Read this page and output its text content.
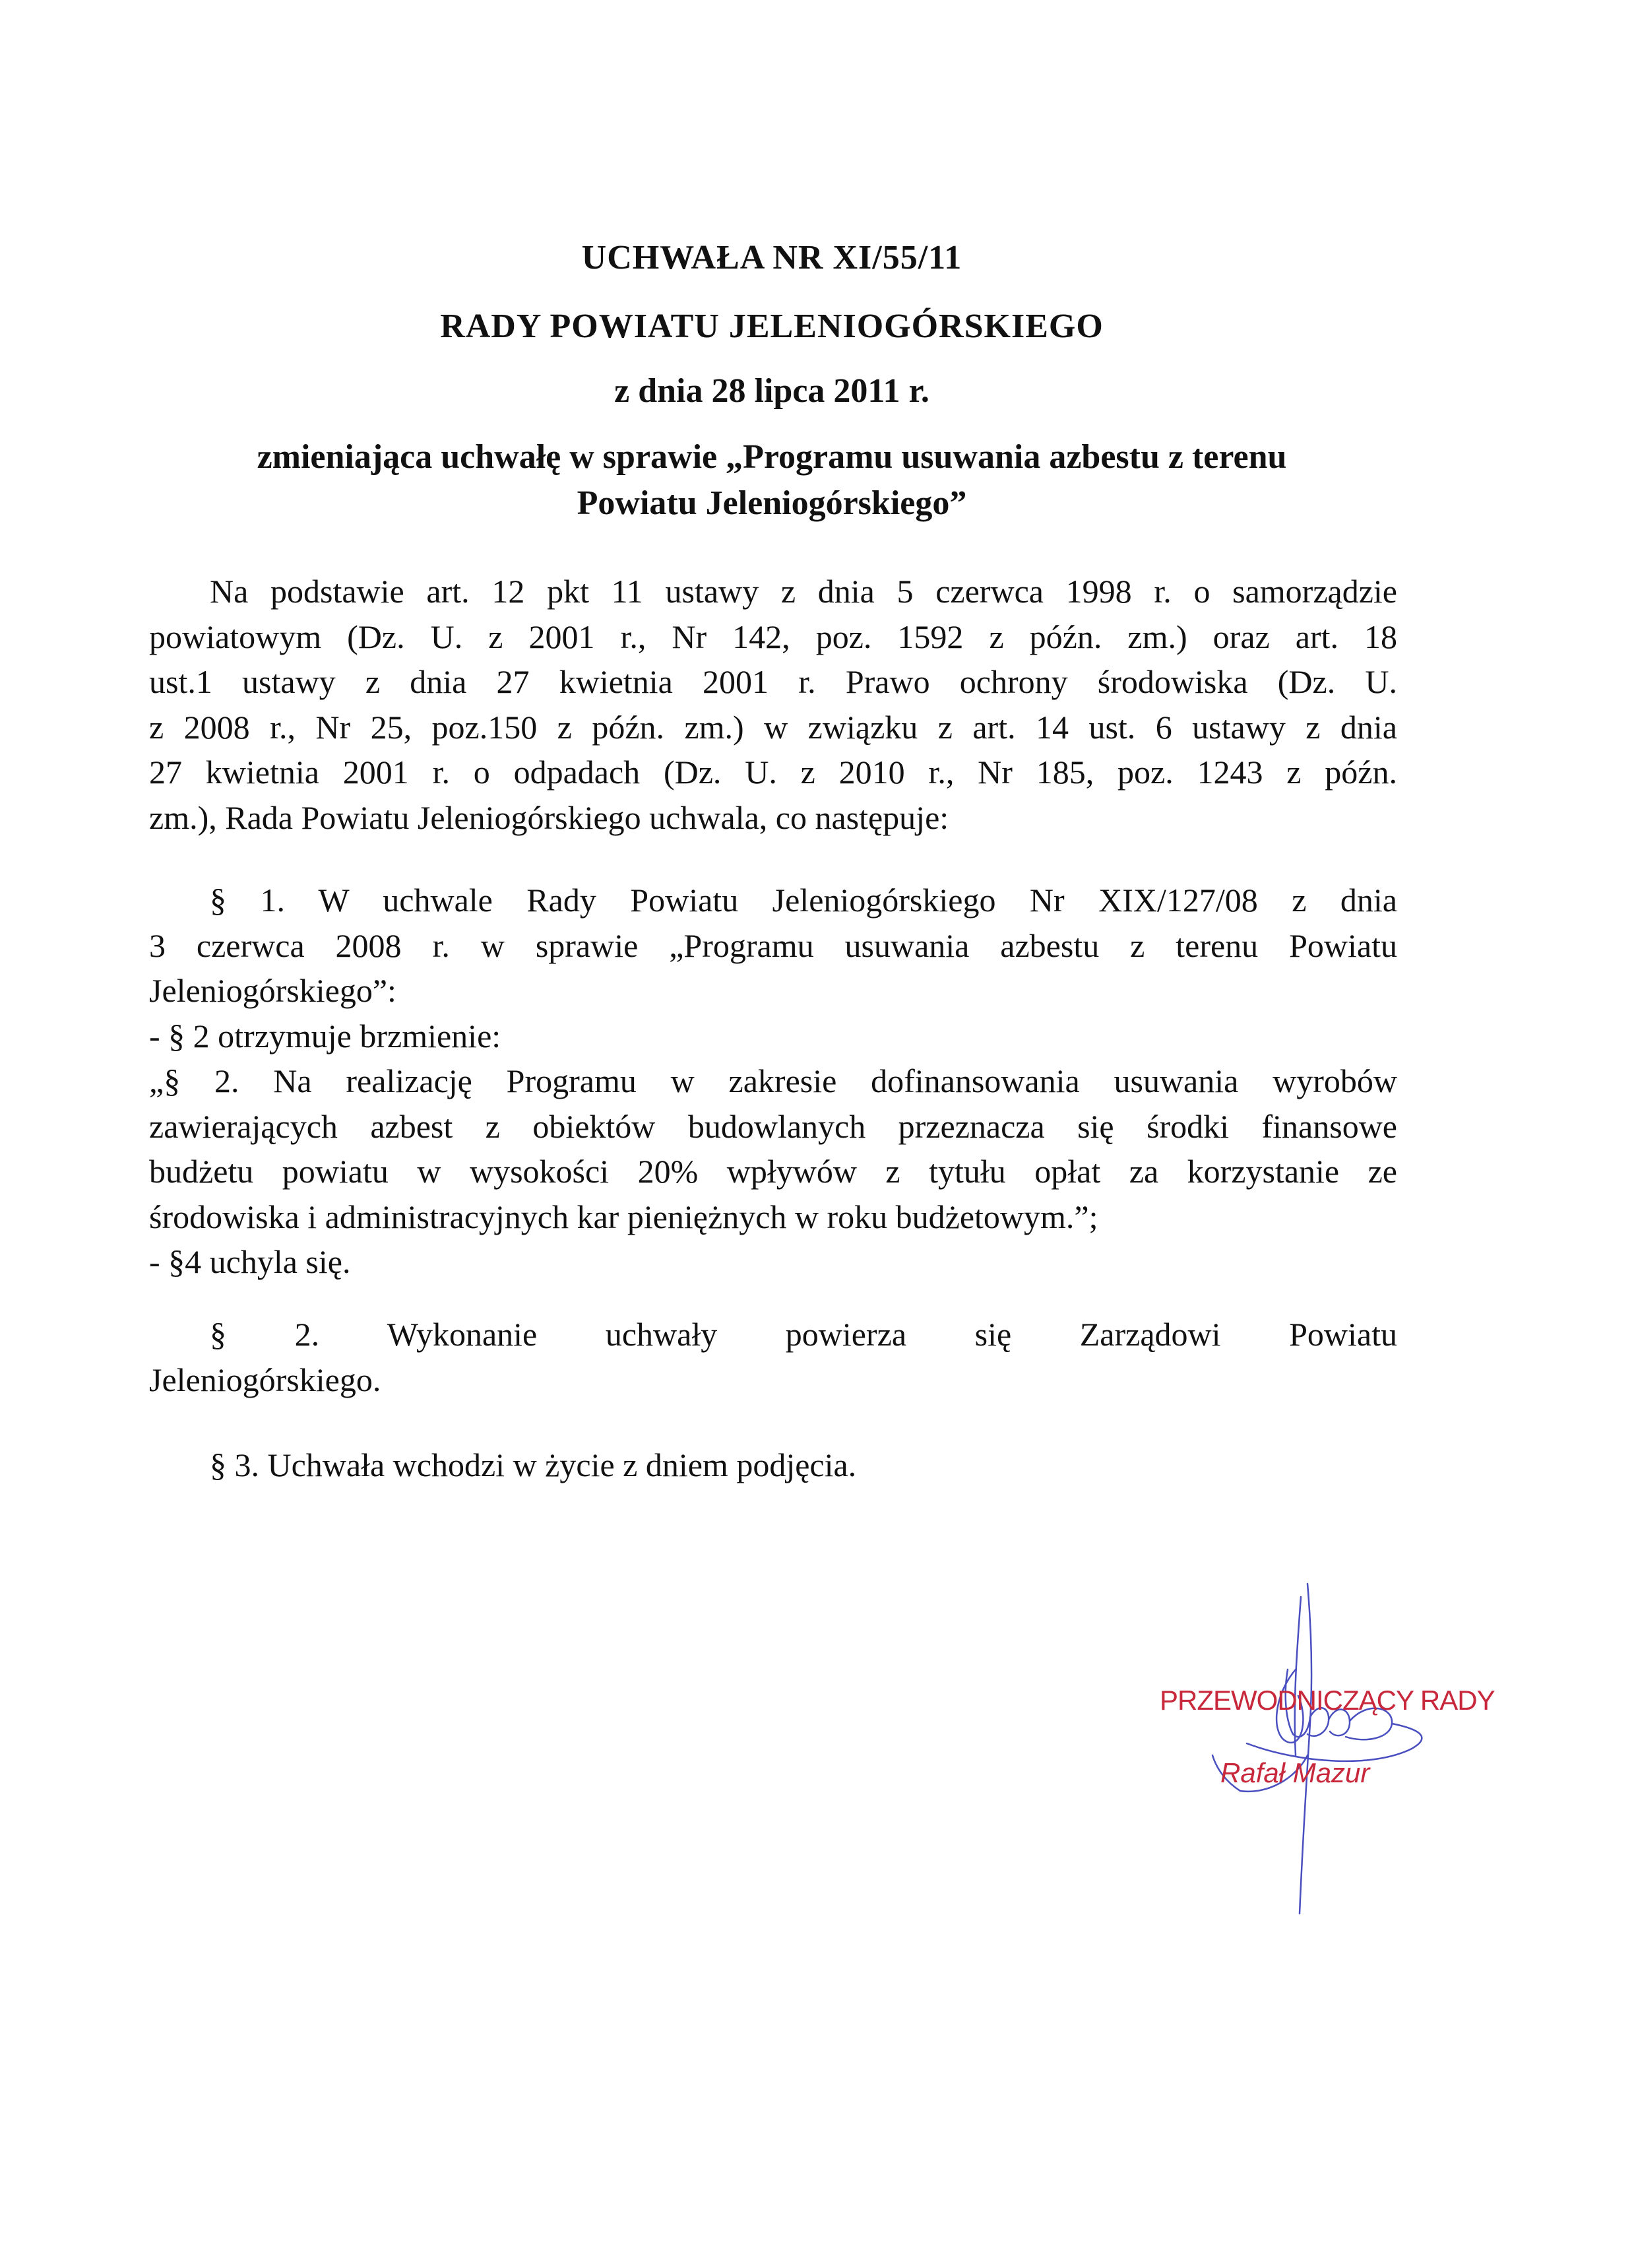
UCHWAŁA NR XI/55/11
RADY POWIATU JELENIOGÓRSKIEGO
z dnia 28 lipca 2011 r.
zmieniająca uchwałę w sprawie „Programu usuwania azbestu z terenu
Powiatu Jeleniogórskiego”
Na podstawie art. 12 pkt 11 ustawy z dnia 5 czerwca 1998 r. o samorządzie
powiatowym (Dz. U. z 2001 r., Nr 142, poz. 1592 z późn. zm.) oraz art. 18
ust.1 ustawy z dnia 27 kwietnia 2001 r. Prawo ochrony środowiska (Dz. U.
z 2008 r., Nr 25, poz.150 z późn. zm.) w związku z art. 14 ust. 6 ustawy z dnia
27 kwietnia 2001 r. o odpadach (Dz. U. z 2010 r., Nr 185, poz. 1243 z późn.
zm.), Rada Powiatu Jeleniogórskiego uchwala, co następuje:
§ 1. W uchwale Rady Powiatu Jeleniogórskiego Nr XIX/127/08 z dnia
3 czerwca 2008 r. w sprawie „Programu usuwania azbestu z terenu Powiatu
Jeleniogórskiego”:
- § 2 otrzymuje brzmienie:
„§ 2. Na realizację Programu w zakresie dofinansowania usuwania wyrobów
zawierających azbest z obiektów budowlanych przeznacza się środki finansowe
budżetu powiatu w wysokości 20% wpływów z tytułu opłat za korzystanie ze
środowiska i administracyjnych kar pieniężnych w roku budżetowym.”;
- §4 uchyla się.
§ 2. Wykonanie uchwały powierza się Zarządowi Powiatu
Jeleniogórskiego.
§ 3. Uchwała wchodzi w życie z dniem podjęcia.
PRZEWODNICZĄCY RADY
Rafał Mazur
